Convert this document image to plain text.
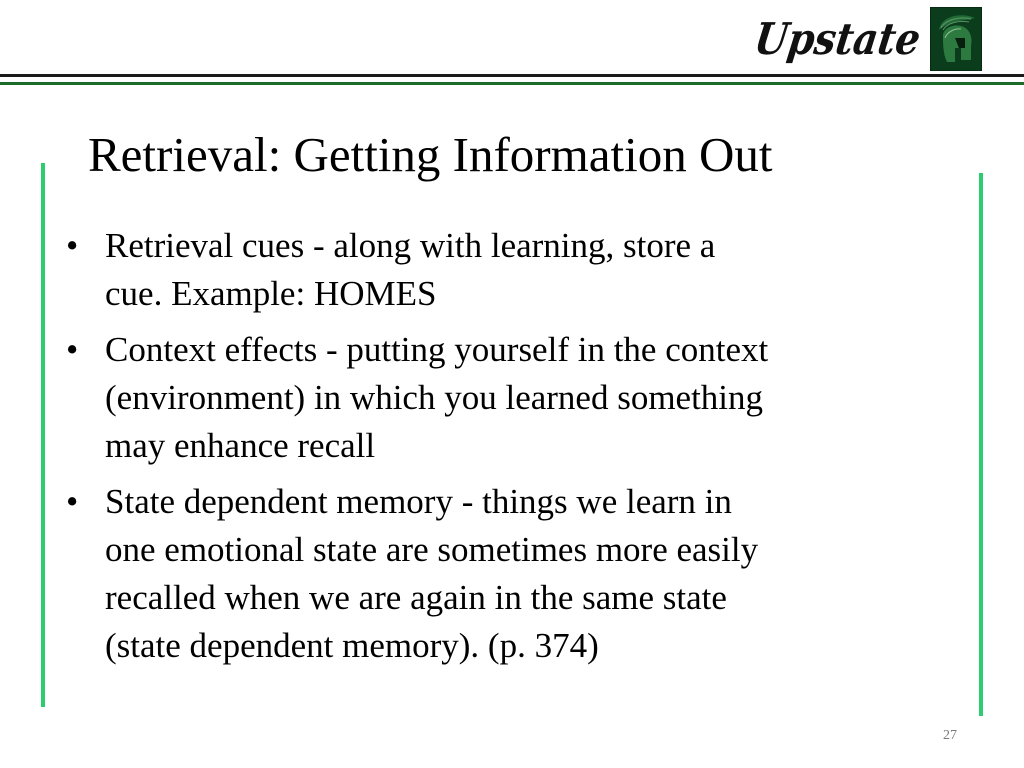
Upstate
Retrieval: Getting Information Out
• Retrieval cues - along with learning, store a
cue. Example: HOMES
• Context effects - putting yourself in the context
(environment) in which you learned something
may enhance recall
• State dependent memory - things we learn in
one emotional state are sometimes more easily
recalled when we are again in the same state
(state dependent memory). (p. 374)
27
